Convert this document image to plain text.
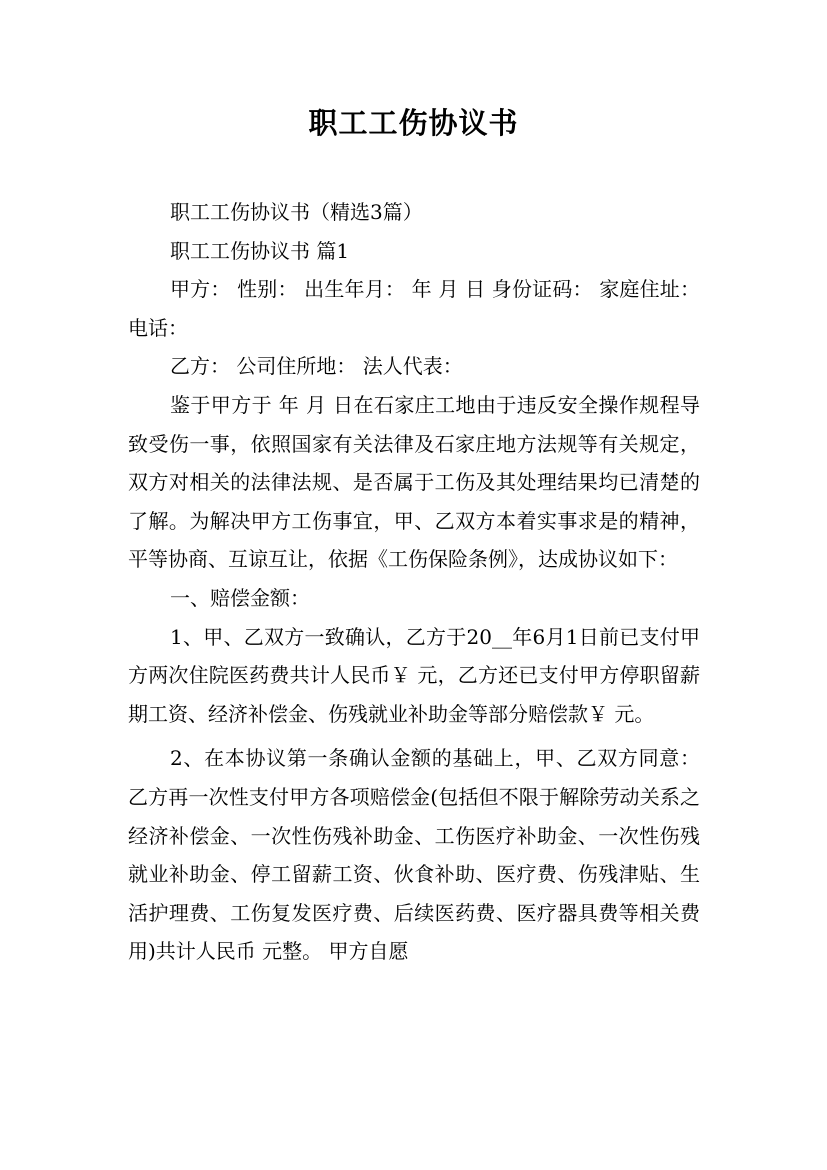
职工工伤协议书

职工工伤协议书（精选3篇）

职工工伤协议书 篇1

甲方： 性别： 出生年月： 年 月 日 身份证码： 家庭住址： 电话：

乙方： 公司住所地： 法人代表：

鉴于甲方于 年 月 日在石家庄工地由于违反安全操作规程导致受伤一事，依照国家有关法律及石家庄地方法规等有关规定，双方对相关的法律法规、是否属于工伤及其处理结果均已清楚的了解。为解决甲方工伤事宜，甲、乙双方本着实事求是的精神，平等协商、互谅互让，依据《工伤保险条例》，达成协议如下：

一、赔偿金额：

1、甲、乙双方一致确认，乙方于20__年6月1日前已支付甲方两次住院医药费共计人民币￥ 元，乙方还已支付甲方停职留薪期工资、经济补偿金、伤残就业补助金等部分赔偿款￥ 元。

2、在本协议第一条确认金额的基础上，甲、乙双方同意：乙方再一次性支付甲方各项赔偿金(包括但不限于解除劳动关系之经济补偿金、一次性伤残补助金、工伤医疗补助金、一次性伤残就业补助金、停工留薪工资、伙食补助、医疗费、伤残津贴、生活护理费、工伤复发医疗费、后续医药费、医疗器具费等相关费用)共计人民币 元整。 甲方自愿
